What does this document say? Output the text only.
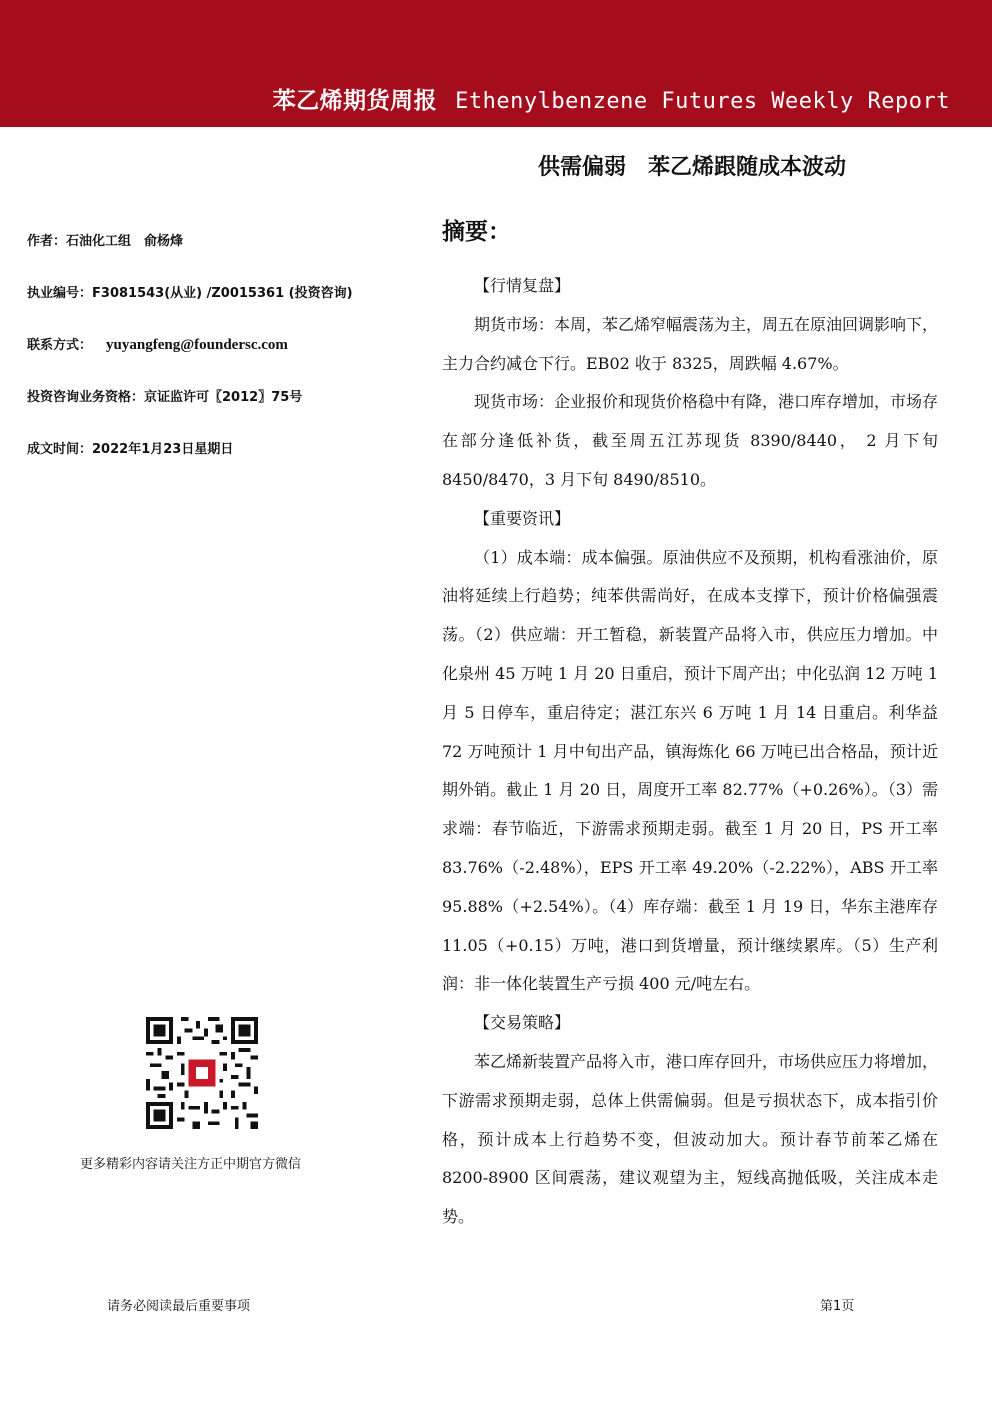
苯乙烯期货周报 Ethenylbenzene Futures Weekly Report
供需偏弱　苯乙烯跟随成本波动
摘要：
作者：石油化工组　俞杨烽
执业编号：F3081543(从业) /Z0015361 (投资咨询)
联系方式： yuyangfeng@foundersc.com
投资咨询业务资格：京证监许可〖2012〗75号
成文时间：2022年1月23日星期日
更多精彩内容请关注方正中期官方微信

【行情复盘】

期货市场：本周，苯乙烯窄幅震荡为主，周五在原油回调影响下，主力合约减仓下行。EB02 收于 8325，周跌幅 4.67%。

现货市场：企业报价和现货价格稳中有降，港口库存增加，市场存在部分逢低补货，截至周五江苏现货 8390/8440， 2 月下旬 8450/8470，3 月下旬 8490/8510。

【重要资讯】

（1）成本端：成本偏强。原油供应不及预期，机构看涨油价，原油将延续上行趋势；纯苯供需尚好，在成本支撑下，预计价格偏强震荡。（2）供应端：开工暂稳，新装置产品将入市，供应压力增加。中化泉州 45 万吨 1 月 20 日重启，预计下周产出；中化弘润 12 万吨 1 月 5 日停车，重启待定；湛江东兴 6 万吨 1 月 14 日重启。利华益 72 万吨预计 1 月中旬出产品，镇海炼化 66 万吨已出合格品，预计近期外销。截止 1 月 20 日，周度开工率 82.77%（+0.26%）。（3）需求端：春节临近，下游需求预期走弱。截至 1 月 20 日，PS 开工率 83.76%（-2.48%），EPS 开工率 49.20%（-2.22%），ABS 开工率 95.88%（+2.54%）。（4）库存端：截至 1 月 19 日，华东主港库存 11.05（+0.15）万吨，港口到货增量，预计继续累库。（5）生产利润：非一体化装置生产亏损 400 元/吨左右。

【交易策略】

苯乙烯新装置产品将入市，港口库存回升，市场供应压力将增加，下游需求预期走弱，总体上供需偏弱。但是亏损状态下，成本指引价格，预计成本上行趋势不变，但波动加大。预计春节前苯乙烯在 8200-8900 区间震荡，建议观望为主，短线高抛低吸，关注成本走势。

请务必阅读最后重要事项	第1页
